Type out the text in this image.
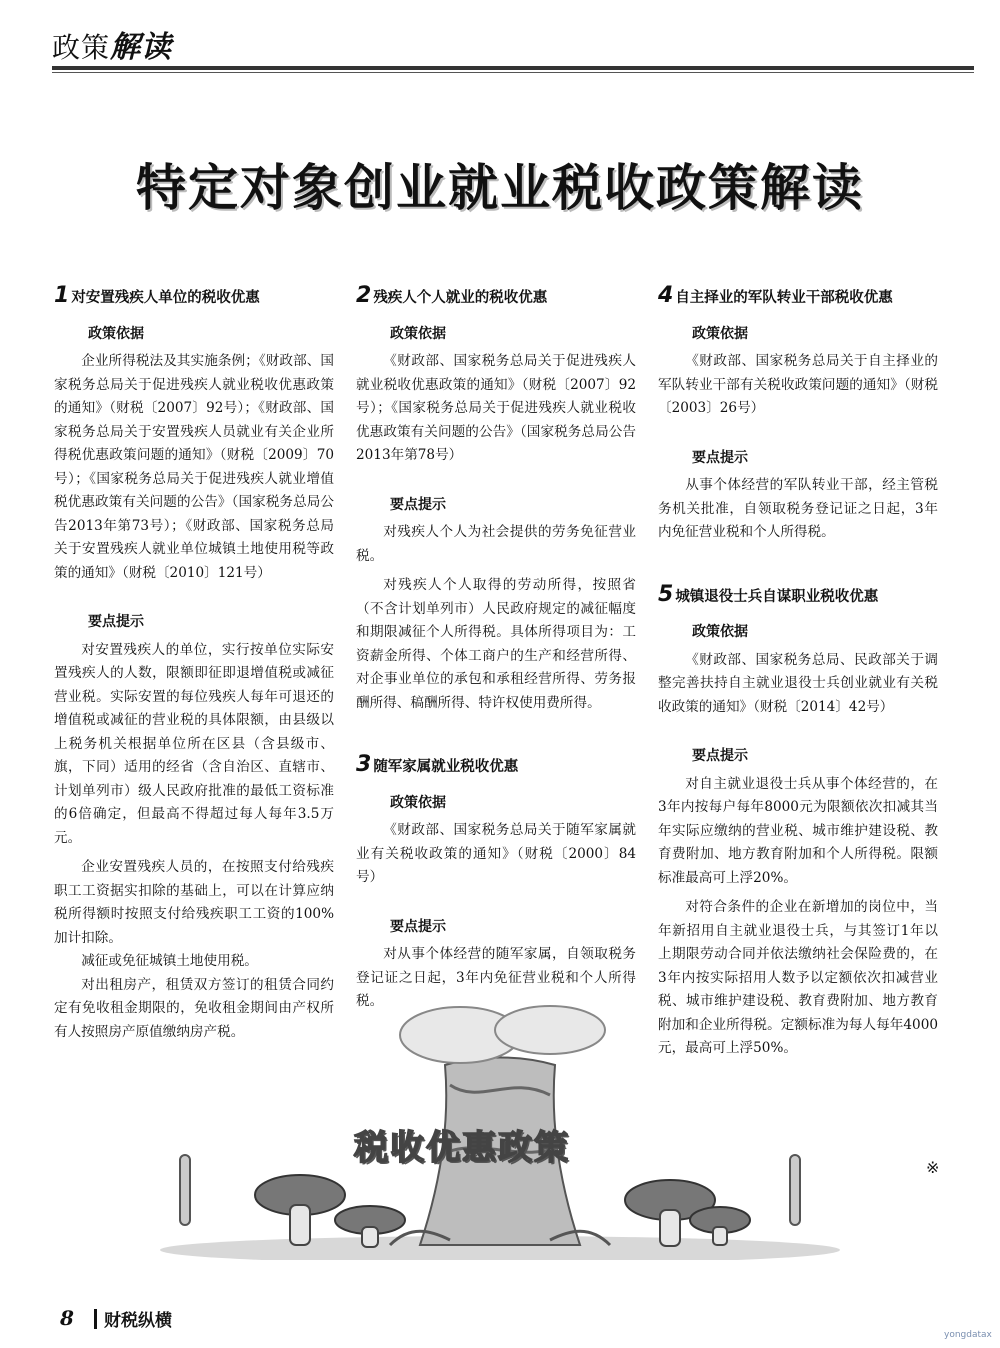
政策解读
特定对象创业就业税收政策解读
1 对安置残疾人单位的税收优惠
政策依据

企业所得税法及其实施条例；《财政部、国家税务总局关于促进残疾人就业税收优惠政策的通知》（财税〔2007〕92号）；《财政部、国家税务总局关于安置残疾人员就业有关企业所得税优惠政策问题的通知》（财税〔2009〕70号）；《国家税务总局关于促进残疾人就业增值税优惠政策有关问题的公告》（国家税务总局公告2013年第73号）；《财政部、国家税务总局关于安置残疾人就业单位城镇土地使用税等政策的通知》（财税〔2010〕121号）

要点提示

对安置残疾人的单位，实行按单位实际安置残疾人的人数，限额即征即退增值税或减征营业税。实际安置的每位残疾人每年可退还的增值税或减征的营业税的具体限额，由县级以上税务机关根据单位所在区县（含县级市、旗，下同）适用的经省（含自治区、直辖市、计划单列市）级人民政府批准的最低工资标准的6倍确定，但最高不得超过每人每年3.5万元。

企业安置残疾人员的，在按照支付给残疾职工工资据实扣除的基础上，可以在计算应纳税所得额时按照支付给残疾职工工资的100%加计扣除。

减征或免征城镇土地使用税。

对出租房产，租赁双方签订的租赁合同约定有免收租金期限的，免收租金期间由产权所有人按照房产原值缴纳房产税。

2 残疾人个人就业的税收优惠
政策依据

《财政部、国家税务总局关于促进残疾人就业税收优惠政策的通知》（财税〔2007〕92号）；《国家税务总局关于促进残疾人就业税收优惠政策有关问题的公告》（国家税务总局公告2013年第78号）

要点提示

对残疾人个人为社会提供的劳务免征营业税。

对残疾人个人取得的劳动所得，按照省（不含计划单列市）人民政府规定的减征幅度和期限减征个人所得税。具体所得项目为：工资薪金所得、个体工商户的生产和经营所得、对企事业单位的承包和承租经营所得、劳务报酬所得、稿酬所得、特许权使用费所得。

3 随军家属就业税收优惠
政策依据

《财政部、国家税务总局关于随军家属就业有关税收政策的通知》（财税〔2000〕84号）

要点提示

对从事个体经营的随军家属，自领取税务登记证之日起，3年内免征营业税和个人所得税。

4 自主择业的军队转业干部税收优惠
政策依据

《财政部、国家税务总局关于自主择业的军队转业干部有关税收政策问题的通知》（财税〔2003〕26号）

要点提示

从事个体经营的军队转业干部，经主管税务机关批准，自领取税务登记证之日起，3年内免征营业税和个人所得税。

5 城镇退役士兵自谋职业税收优惠
政策依据

《财政部、国家税务总局、民政部关于调整完善扶持自主就业退役士兵创业就业有关税收政策的通知》（财税〔2014〕42号）

要点提示

对自主就业退役士兵从事个体经营的，在3年内按每户每年8000元为限额依次扣减其当年实际应缴纳的营业税、城市维护建设税、教育费附加、地方教育附加和个人所得税。限额标准最高可上浮20%。

对符合条件的企业在新增加的岗位中，当年新招用自主就业退役士兵，与其签订1年以上期限劳动合同并依法缴纳社会保险费的，在3年内按实际招用人数予以定额依次扣减营业税、城市维护建设税、教育费附加、地方教育附加和企业所得税。定额标准为每人每年4000元，最高可上浮50%。

税收优惠政策	※
8 财税纵横
yongdatax
